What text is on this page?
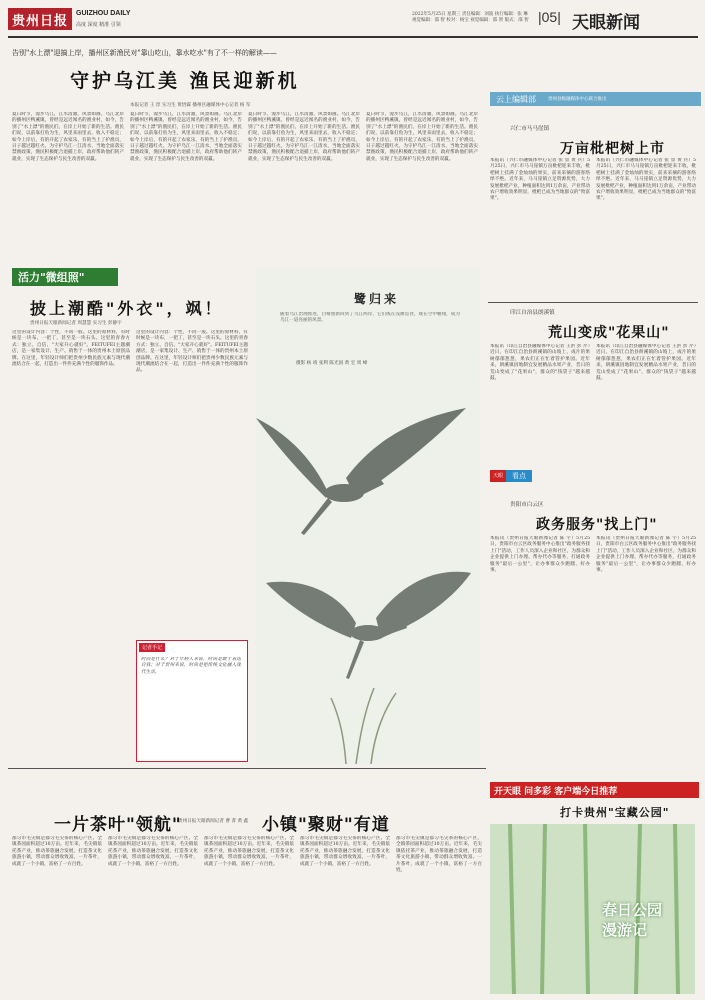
贵州日报	GUIZHOU DAILY
高度 深度 精准 引领
2022年5月25日 星期三 责任编辑：刘波 执行编辑：张 琳 视觉编辑：邵 智 校对：杨宝 视觉编辑：邵 智 版式：邵 智 |05| 天眼新闻
告别"水上漂"迎搞上岸，播州区新渔民对"靠山吃山，靠水吃水"有了不一样的解读——
守护乌江美 渔民迎新机
本报记者 王 淳 实习生 黄悟霖 播州区融媒体中心记者 杨 军
夏日时节，漫步乌江，江水清澈，风景如画。乌江北岸的播州区鸭溪镇，曾经是远近闻名的渔业村，如今，告别了"水上漂"的渔民们，在岸上开始了新的生活。渔民们说，以前靠打鱼为生，风里来雨里去，收入不稳定；如今上岸后，有的开起了农家乐，有的当上了护渔员，日子越过越红火。为守护乌江一江清水，当地全面落实禁渔政策，渔民积极配合退捕上岸，政府帮助他们转产就业，实现了生态保护与民生改善的双赢。
夏日时节，漫步乌江，江水清澈，风景如画。乌江北岸的播州区鸭溪镇，曾经是远近闻名的渔业村，如今，告别了"水上漂"的渔民们，在岸上开始了新的生活。渔民们说，以前靠打鱼为生，风里来雨里去，收入不稳定；如今上岸后，有的开起了农家乐，有的当上了护渔员，日子越过越红火。为守护乌江一江清水，当地全面落实禁渔政策，渔民积极配合退捕上岸，政府帮助他们转产就业，实现了生态保护与民生改善的双赢。
夏日时节，漫步乌江，江水清澈，风景如画。乌江北岸的播州区鸭溪镇，曾经是远近闻名的渔业村，如今，告别了"水上漂"的渔民们，在岸上开始了新的生活。渔民们说，以前靠打鱼为生，风里来雨里去，收入不稳定；如今上岸后，有的开起了农家乐，有的当上了护渔员，日子越过越红火。为守护乌江一江清水，当地全面落实禁渔政策，渔民积极配合退捕上岸，政府帮助他们转产就业，实现了生态保护与民生改善的双赢。
夏日时节，漫步乌江，江水清澈，风景如画。乌江北岸的播州区鸭溪镇，曾经是远近闻名的渔业村，如今，告别了"水上漂"的渔民们，在岸上开始了新的生活。渔民们说，以前靠打鱼为生，风里来雨里去，收入不稳定；如今上岸后，有的开起了农家乐，有的当上了护渔员，日子越过越红火。为守护乌江一江清水，当地全面落实禁渔政策，渔民积极配合退捕上岸，政府帮助他们转产就业，实现了生态保护与民生改善的双赢。
活力"微组照"
披上潮酷"外衣"，飒！
贵州日报天眼新闻记者 周慧慧 实习生 彭静宇
这里的设计内容：个性，不同一般。这里的原材料，有时候是一块布，一把丁，甚至是一块石头。这里的青春方式：独立、自信、"大家开心就好"。FEITUFEI主题潮店，是一家集设计、生产、销售于一体的贵州本土原创品牌。在这里，年轻设计师们把贵州少数民族元素与现代潮流结合在一起，打造出一件件充满个性的服饰作品。
这里的设计内容：个性，不同一般。这里的原材料，有时候是一块布，一把丁，甚至是一块石头。这里的青春方式：独立、自信、"大家开心就好"。FEITUFEI主题潮店，是一家集设计、生产、销售于一体的贵州本土原创品牌。在这里，年轻设计师们把贵州少数民族元素与现代潮流结合在一起，打造出一件件充满个性的服饰作品。
记者手记
时尚是什么？对于年轻人来说，时尚是敢于表达自我；对于贵州来说，时尚是把传统文化融入现代生活。
鹭归来
随着乌江治理推进，白鹭重新回到了乌江两岸，它们或在浅滩觅食，或在空中翱翔，成为乌江一道亮丽的风景。
摄影 杨 靖 张利 陈光国 黄 宏 周 峰
云上编辑部	贵州县级融媒体中心联合推出
兴仁市马马崖镇
万亩枇杷树上市
本报讯（兴仁市融媒体中心记者 张 显 黄 兵）5月25日，兴仁市马马崖镇万亩枇杷迎来丰收，枇杷树上挂满了金灿灿的果实，前来采摘的游客络绎不绝。近年来，马马崖镇立足资源优势，大力发展枇杷产业，种植面积达到1万余亩，产业带动农户增收效果明显，枇杷已成为当地群众的"致富果"。
本报讯（兴仁市融媒体中心记者 张 显 黄 兵）5月25日，兴仁市马马崖镇万亩枇杷迎来丰收，枇杷树上挂满了金灿灿的果实，前来采摘的游客络绎不绝。近年来，马马崖镇立足资源优势，大力发展枇杷产业，种植面积达到1万余亩，产业带动农户增收效果明显，枇杷已成为当地群众的"致富果"。
印江自治县朗溪镇
荒山变成"花果山"
本报讯（印江自治县融媒体中心记者 王洪 彭 芹）近日，在印江自治县朗溪镇的山坡上，成片的果树郁郁葱葱，果农们正在忙着管护果园。近年来，朗溪镇因地制宜发展精品水果产业，昔日的荒山变成了"花果山"，群众的"钱袋子"越来越鼓。
本报讯（印江自治县融媒体中心记者 王洪 彭 芹）近日，在印江自治县朗溪镇的山坡上，成片的果树郁郁葱葱，果农们正在忙着管护果园。近年来，朗溪镇因地制宜发展精品水果产业，昔日的荒山变成了"花果山"，群众的"钱袋子"越来越鼓。
天眼	看点
贵阳市白云区
政务服务"找上门"
本报讯（贵州日报天眼新闻记者 陈 宇）5月25日，贵阳市白云区政务服务中心推出"政务服务找上门"活动，工作人员深入企业和社区，为群众和企业提供上门办理、帮办代办等服务，打通政务服务"最后一公里"，让办事群众少跑腿、好办事。
本报讯（贵州日报天眼新闻记者 陈 宇）5月25日，贵阳市白云区政务服务中心推出"政务服务找上门"活动，工作人员深入企业和社区，为群众和企业提供上门办理、帮办代办等服务，打通政务服务"最后一公里"，让办事群众少跑腿、好办事。
一片茶叶"领航"	小镇"聚财"有道
贵州日报天眼新闻记者 曹 菁 黄 鑫
都匀市毛尖镇是都匀毛尖茶的核心产区，全镇茶园面积超过10万亩。近年来，毛尖镇依托茶产业，推动茶旅融合发展，打造茶文化旅游小镇，带动群众增收致富。一片茶叶，成就了一个小镇，富裕了一方百姓。
都匀市毛尖镇是都匀毛尖茶的核心产区，全镇茶园面积超过10万亩。近年来，毛尖镇依托茶产业，推动茶旅融合发展，打造茶文化旅游小镇，带动群众增收致富。一片茶叶，成就了一个小镇，富裕了一方百姓。
都匀市毛尖镇是都匀毛尖茶的核心产区，全镇茶园面积超过10万亩。近年来，毛尖镇依托茶产业，推动茶旅融合发展，打造茶文化旅游小镇，带动群众增收致富。一片茶叶，成就了一个小镇，富裕了一方百姓。
都匀市毛尖镇是都匀毛尖茶的核心产区，全镇茶园面积超过10万亩。近年来，毛尖镇依托茶产业，推动茶旅融合发展，打造茶文化旅游小镇，带动群众增收致富。一片茶叶，成就了一个小镇，富裕了一方百姓。
都匀市毛尖镇是都匀毛尖茶的核心产区，全镇茶园面积超过10万亩。近年来，毛尖镇依托茶产业，推动茶旅融合发展，打造茶文化旅游小镇，带动群众增收致富。一片茶叶，成就了一个小镇，富裕了一方百姓。
开天眼 问多彩 客户端今日推荐
打卡贵州"宝藏公园"
春日公园
漫游记
